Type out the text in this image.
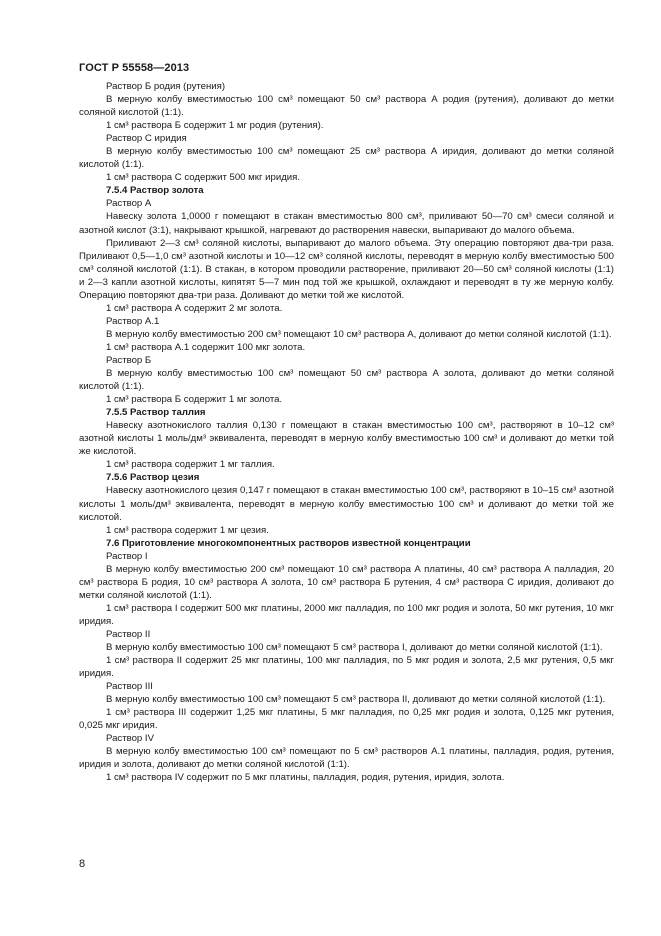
ГОСТ Р 55558—2013

Раствор Б родия (рутения)

В мерную колбу вместимостью 100 см³ помещают 50 см³ раствора А родия (рутения), доливают до метки соляной кислотой (1:1).

1 см³ раствора Б содержит 1 мг родия (рутения).

Раствор С иридия

В мерную колбу вместимостью 100 см³ помещают 25 см³ раствора А иридия, доливают до метки соляной кислотой (1:1).

1 см³ раствора С содержит 500 мкг иридия.

7.5.4 Раствор золота

Раствор А

Навеску золота 1,0000 г помещают в стакан вместимостью 800 см³, приливают 50—70 см³ смеси соляной и азотной кислот (3:1), накрывают крышкой, нагревают до растворения навески, выпаривают до малого объема.

Приливают 2—3 см³ соляной кислоты, выпаривают до малого объема. Эту операцию повторяют два-три раза. Приливают 0,5—1,0 см³ азотной кислоты и 10—12 см³ соляной кислоты, переводят в мерную колбу вместимостью 500 см³ соляной кислотой (1:1). В стакан, в котором проводили растворение, приливают 20—50 см³ соляной кислоты (1:1) и 2—3 капли азотной кислоты, кипятят 5—7 мин под той же крышкой, охлаждают и переводят в ту же мерную колбу. Операцию повторяют два-три раза. Доливают до метки той же кислотой.

1 см³ раствора А содержит 2 мг золота.

Раствор А.1

В мерную колбу вместимостью 200 см³ помещают 10 см³ раствора А, доливают до метки соляной кислотой (1:1).

1 см³ раствора А.1 содержит 100 мкг золота.

Раствор Б

В мерную колбу вместимостью 100 см³ помещают 50 см³ раствора А золота, доливают до метки соляной кислотой (1:1).

1 см³ раствора Б содержит 1 мг золота.

7.5.5 Раствор таллия

Навеску азотнокислого таллия 0,130 г помещают в стакан вместимостью 100 см³, растворяют в 10–12 см³ азотной кислоты 1 моль/дм³ эквивалента, переводят в мерную колбу вместимостью 100 см³ и доливают до метки той же кислотой.

1 см³ раствора содержит 1 мг таллия.

7.5.6 Раствор цезия

Навеску азотнокислого цезия 0,147 г помещают в стакан вместимостью 100 см³, растворяют в 10–15 см³ азотной кислоты 1 моль/дм³ эквивалента, переводят в мерную колбу вместимостью 100 см³ и доливают до метки той же кислотой.

1 см³ раствора содержит 1 мг цезия.

7.6 Приготовление многокомпонентных растворов известной концентрации

Раствор I

В мерную колбу вместимостью 200 см³ помещают 10 см³ раствора А платины, 40 см³ раствора А палладия, 20 см³ раствора Б родия, 10 см³ раствора А золота, 10 см³ раствора Б рутения, 4 см³ раствора С иридия, доливают до метки соляной кислотой (1:1).

1 см³ раствора I содержит 500 мкг платины, 2000 мкг палладия, по 100 мкг родия и золота, 50 мкг рутения, 10 мкг иридия.

Раствор II

В мерную колбу вместимостью 100 см³ помещают 5 см³ раствора I, доливают до метки соляной кислотой (1:1).

1 см³ раствора II содержит 25 мкг платины, 100 мкг палладия, по 5 мкг родия и золота, 2,5 мкг рутения, 0,5 мкг иридия.

Раствор III

В мерную колбу вместимостью 100 см³ помещают 5 см³ раствора II, доливают до метки соляной кислотой (1:1).

1 см³ раствора III содержит 1,25 мкг платины, 5 мкг палладия, по 0,25 мкг родия и золота, 0,125 мкг рутения, 0,025 мкг иридия.

Раствор IV

В мерную колбу вместимостью 100 см³ помещают по 5 см³ растворов А.1 платины, палладия, родия, рутения, иридия и золота, доливают до метки соляной кислотой (1:1).

1 см³ раствора IV содержит по 5 мкг платины, палладия, родия, рутения, иридия, золота.

8
